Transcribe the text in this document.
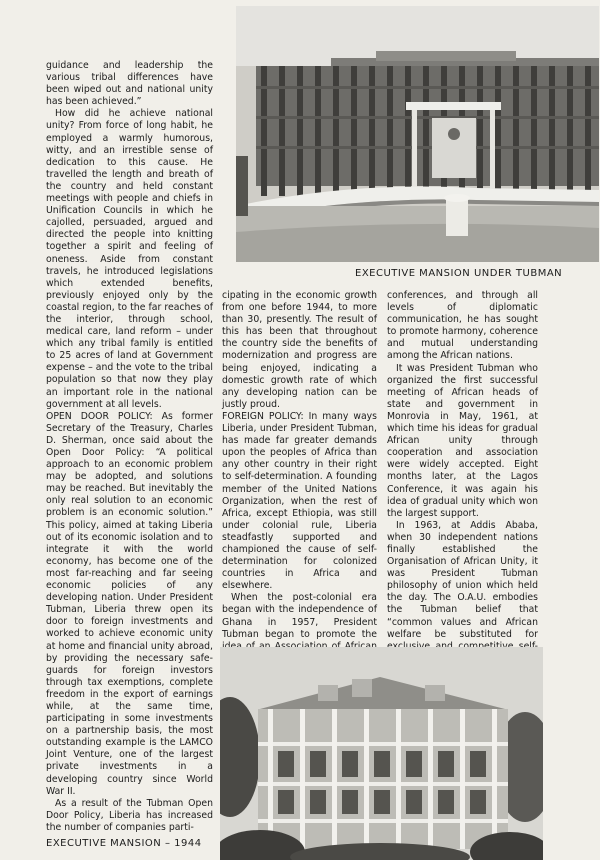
EXECUTIVE MANSION UNDER TUBMAN

guidance and leadership the various tribal differences have been wiped out and national unity has been achieved.”

How did he achieve national unity? From force of long habit, he employed a warmly humorous, witty, and an irrestible sense of dedication to this cause. He travelled the length and breath of the country and held constant meetings with people and chiefs in Unification Councils in which he cajolled, persuaded, argued and directed the people into knitting together a spirit and feeling of oneness. Aside from constant travels, he introduced legislations which extended benefits, previously enjoyed only by the coastal region, to the far reaches of the interior, through school, medical care, land reform – under which any tribal family is entitled to 25 acres of land at Government expense – and the vote to the tribal population so that now they play an important role in the national government at all levels.

OPEN DOOR POLICY: As former Secretary of the Treasury, Charles D. Sherman, once said about the Open Door Policy: “A political approach to an economic problem may be adopted, and solutions may be reached. But inevitably the only real solution to an economic problem is an economic solution.” This policy, aimed at taking Liberia out of its economic isolation and to integrate it with the world economy, has become one of the most far-reaching and far seeing economic policies of any developing nation. Under President Tubman, Liberia threw open its door to foreign investments and worked to achieve economic unity at home and financial unity abroad, by providing the necessary safe-guards for foreign investors through tax exemptions, complete freedom in the export of earnings while, at the same time, participating in some investments on a partnership basis, the most outstanding example is the LAMCO Joint Venture, one of the largest private investments in a developing country since World War II.

As a result of the Tubman Open Door Policy, Liberia has increased the number of companies parti-

cipating in the economic growth from one before 1944, to more than 30, presently. The result of this has been that throughout the country side the benefits of modernization and progress are being enjoyed, indicating a domestic growth rate of which any developing nation can be justly proud.

FOREIGN POLICY: In many ways Liberia, under President Tubman, has made far greater demands upon the peoples of Africa than any other country in their right to self-determination. A founding member of the United Nations Organization, when the rest of Africa, except Ethiopia, was still under colonial rule, Liberia steadfastly supported and championed the cause of self-determination for colonized countries in Africa and elsewhere.

When the post-colonial era began with the independence of Ghana in 1957, President Tubman began to promote the

conferences, and through all levels of diplomatic communication, he has sought to promote harmony, coherence and mutual understanding among the African nations.

It was President Tubman who organized the first successful meeting of African heads of state and government in Monrovia in May, 1961, at which time his ideas for gradual African unity through cooperation and association were widely accepted. Eight months later, at the Lagos Conference, it was again his idea of gradual unity which won the largest support.

In 1963, at Addis Ababa, when 30 independent nations finally established the Organisation of African Unity, it was President Tubman philosophy of union which held the day. The O.A.U. embodies the Tubman belief that “common values and African welfare be substituted for

EXECUTIVE MANSION – 1944
